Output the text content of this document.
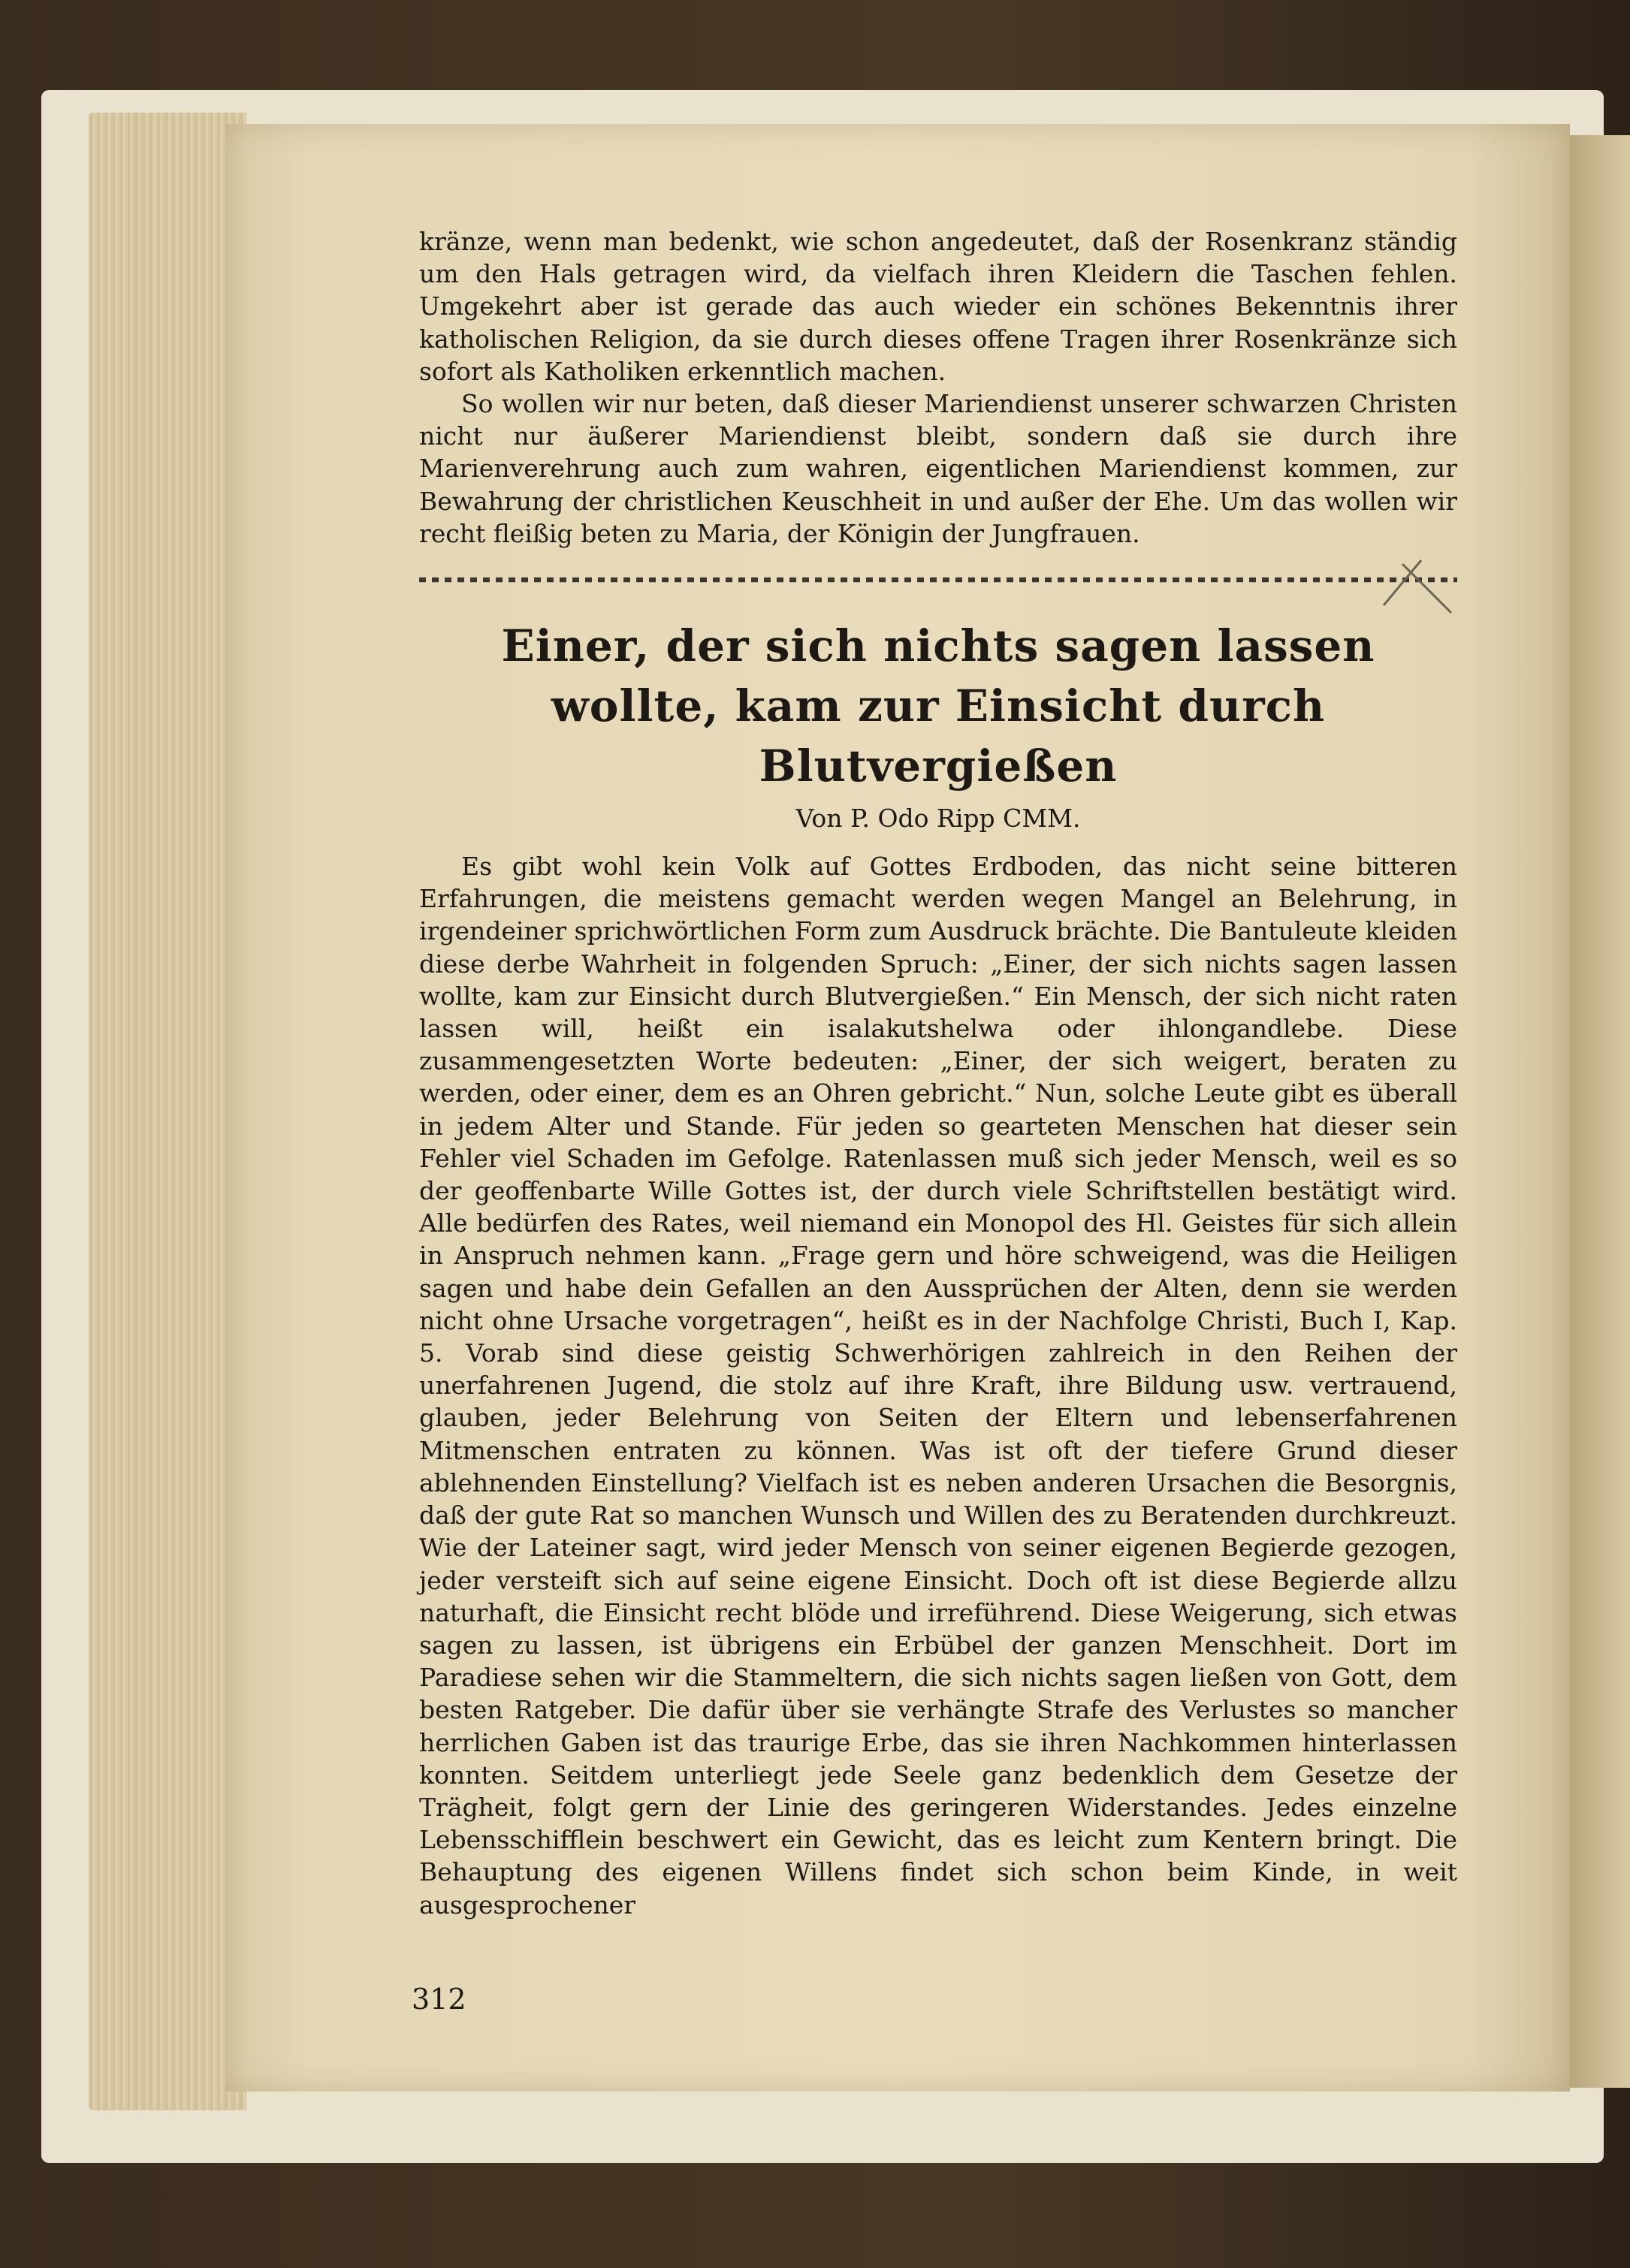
kränze, wenn man bedenkt, wie schon angedeutet, daß der Rosenkranz ständig um den Hals getragen wird, da vielfach ihren Kleidern die Taschen fehlen. Umgekehrt aber ist gerade das auch wieder ein schönes Bekenntnis ihrer katholischen Religion, da sie durch dieses offene Tragen ihrer Rosenkränze sich sofort als Katholiken erkenntlich machen.

So wollen wir nur beten, daß dieser Mariendienst unserer schwarzen Christen nicht nur äußerer Mariendienst bleibt, sondern daß sie durch ihre Marienverehrung auch zum wahren, eigentlichen Mariendienst kommen, zur Bewahrung der christlichen Keuschheit in und außer der Ehe. Um das wollen wir recht fleißig beten zu Maria, der Königin der Jungfrauen.

Einer, der sich nichts sagen lassen wollte, kam zur Einsicht durch Blutvergießen
Von P. Odo Ripp CMM.

Es gibt wohl kein Volk auf Gottes Erdboden, das nicht seine bitteren Erfahrungen, die meistens gemacht werden wegen Mangel an Belehrung, in irgendeiner sprichwörtlichen Form zum Ausdruck brächte. Die Bantuleute kleiden diese derbe Wahrheit in folgenden Spruch: „Einer, der sich nichts sagen lassen wollte, kam zur Einsicht durch Blutvergießen.“ Ein Mensch, der sich nicht raten lassen will, heißt ein isalakutshelwa oder ihlongandlebe. Diese zusammengesetzten Worte bedeuten: „Einer, der sich weigert, beraten zu werden, oder einer, dem es an Ohren gebricht.“ Nun, solche Leute gibt es überall in jedem Alter und Stande. Für jeden so gearteten Menschen hat dieser sein Fehler viel Schaden im Gefolge. Ratenlassen muß sich jeder Mensch, weil es so der geoffenbarte Wille Gottes ist, der durch viele Schriftstellen bestätigt wird. Alle bedürfen des Rates, weil niemand ein Monopol des Hl. Geistes für sich allein in Anspruch nehmen kann. „Frage gern und höre schweigend, was die Heiligen sagen und habe dein Gefallen an den Aussprüchen der Alten, denn sie werden nicht ohne Ursache vorgetragen“, heißt es in der Nachfolge Christi, Buch I, Kap. 5. Vorab sind diese geistig Schwerhörigen zahlreich in den Reihen der unerfahrenen Jugend, die stolz auf ihre Kraft, ihre Bildung usw. vertrauend, glauben, jeder Belehrung von Seiten der Eltern und lebenserfahrenen Mitmenschen entraten zu können. Was ist oft der tiefere Grund dieser ablehnenden Einstellung? Vielfach ist es neben anderen Ursachen die Besorgnis, daß der gute Rat so manchen Wunsch und Willen des zu Beratenden durchkreuzt. Wie der Lateiner sagt, wird jeder Mensch von seiner eigenen Begierde gezogen, jeder versteift sich auf seine eigene Einsicht. Doch oft ist diese Begierde allzu naturhaft, die Einsicht recht blöde und irreführend. Diese Weigerung, sich etwas sagen zu lassen, ist übrigens ein Erbübel der ganzen Menschheit. Dort im Paradiese sehen wir die Stammeltern, die sich nichts sagen ließen von Gott, dem besten Ratgeber. Die dafür über sie verhängte Strafe des Verlustes so mancher herrlichen Gaben ist das traurige Erbe, das sie ihren Nachkommen hinterlassen konnten. Seitdem unterliegt jede Seele ganz bedenklich dem Gesetze der Trägheit, folgt gern der Linie des geringeren Widerstandes. Jedes einzelne Lebensschifflein beschwert ein Gewicht, das es leicht zum Kentern bringt. Die Behauptung des eigenen Willens findet sich schon beim Kinde, in weit ausgesprochener

312
